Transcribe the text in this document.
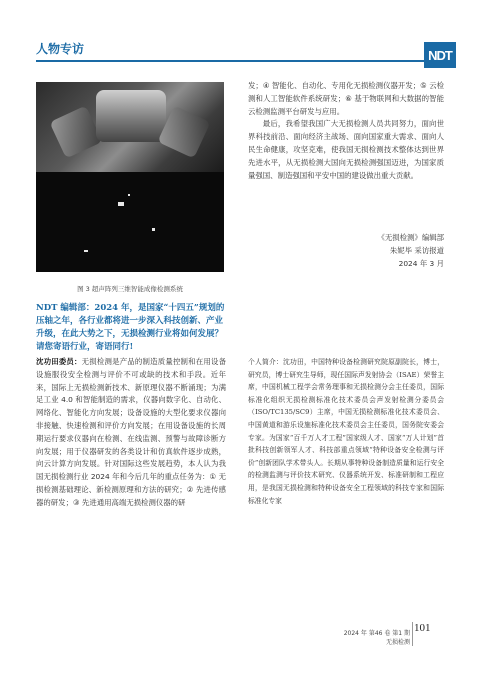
人物专访	NDT
图 3 超声阵列三维智能成像检测系统
NDT 编辑部：2024 年，是国家“十四五”规划的压轴之年，各行业都将进一步深入科技创新、产业升级，在此大势之下，无损检测行业将如何发展？请您寄语行业，寄语同行!
沈功田委员：无损检测是产品的制造质量控制和在用设备设施服役安全检测与评价不可或缺的技术和手段。近年来，国际上无损检测新技术、新原理仪器不断涌现；为满足工业 4.0 和智能制造的需求，仪器向数字化、自动化、网络化、智能化方向发展；设备设施的大型化要求仪器向非接触、快速检测和评价方向发展；在用设备设施的长周期运行要求仪器向在检测、在线监测、预警与故障诊断方向发展；用于仪器研发的各类设计和仿真软件逐步成熟，向云计算方向发展。针对国际这些发展趋势，本人认为我国无损检测行业 2024 年和今后几年的重点任务为：① 无损检测基础理论、新检测原理和方法的研究；② 先进传感器的研发；③ 先进通用高端无损检测仪器的研

发；④ 智能化、自动化、专用化无损检测仪器开发；⑤ 云检测和人工智能软件系统研发；⑥ 基于物联网和大数据的智能云检测监测平台研发与应用。

最后，我希望我国广大无损检测人员共同努力，面向世界科技前沿、面向经济主战场、面向国家重大需求、面向人民生命健康，攻坚克难，使我国无损检测技术整体达到世界先进水平，从无损检测大国向无损检测强国迈进，为国家质量强国、制造强国和平安中国的建设做出重大贡献。

《无损检测》编辑部
朱妮毕 采访报道
2024 年 3 月
个人简介：沈功田，中国特种设备检测研究院原副院长，博士，研究员，博士研究生导师，现任国际声发射协会（ISAE）荣誉主席，中国机械工程学会常务理事和无损检测分会主任委员，国际标准化组织无损检测标准化技术委员会声发射检测分委员会（ISO/TC135/SC9）主席，中国无损检测标准化技术委员会、中国黄道和游乐设施标准化技术委员会主任委员，国务院安委会专家。为国家“百千万人才工程”国家级人才、国家“万人计划”首批科技创新领军人才、科技部重点领域“特种设备安全检测与评价”创新团队学术带头人。长期从事特种设备制造质量和运行安全的检测监测与评价技术研究、仪器系统开发、标准研制和工程应用，是我国无损检测和特种设备安全工程领域的科技专家和国际标准化专家
2024 年 第46 卷 第1 期
无损检测
101
